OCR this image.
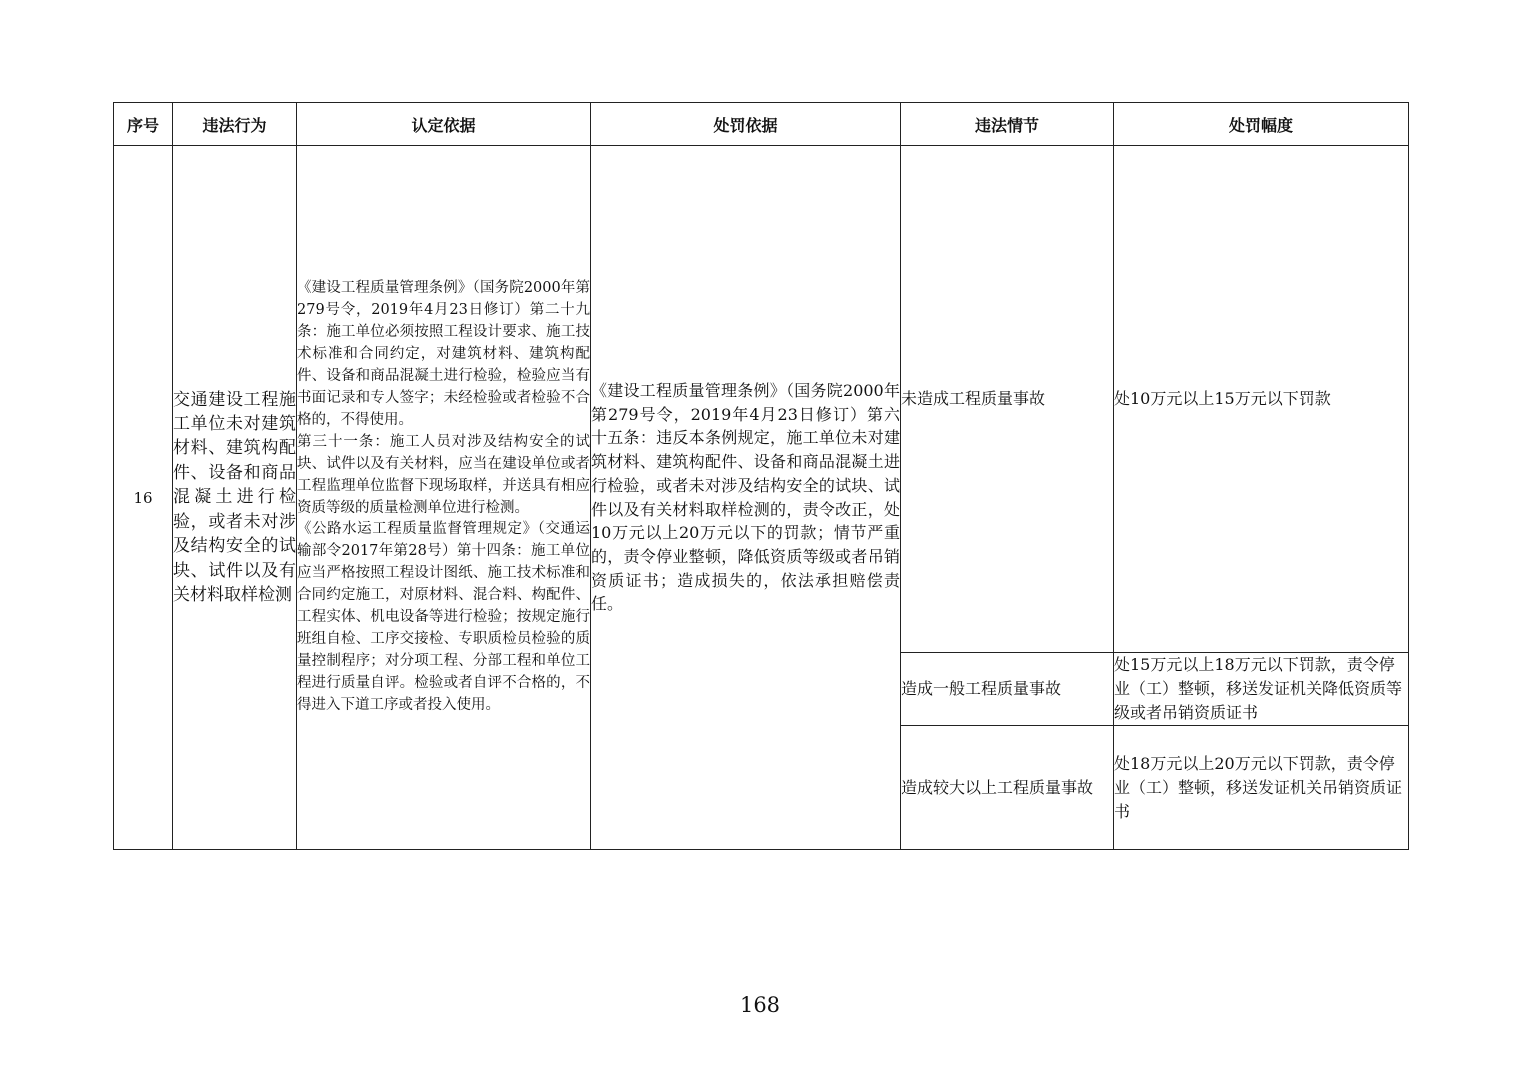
序号	违法行为	认定依据	处罚依据	违法情节	处罚幅度
16	交通建设工程施工单位未对建筑材料、建筑构配件、设备和商品混凝土进行检验，或者未对涉及结构安全的试块、试件以及有关材料取样检测	《建设工程质量管理条例》（国务院2000年第279号令，2019年4月23日修订）第二十九条：施工单位必须按照工程设计要求、施工技术标准和合同约定，对建筑材料、建筑构配件、设备和商品混凝土进行检验，检验应当有书面记录和专人签字；未经检验或者检验不合格的，不得使用。

第三十一条：施工人员对涉及结构安全的试块、试件以及有关材料，应当在建设单位或者工程监理单位监督下现场取样，并送具有相应资质等级的质量检测单位进行检测。

《公路水运工程质量监督管理规定》（交通运输部令2017年第28号）第十四条：施工单位应当严格按照工程设计图纸、施工技术标准和合同约定施工，对原材料、混合料、构配件、工程实体、机电设备等进行检验；按规定施行班组自检、工序交接检、专职质检员检验的质量控制程序；对分项工程、分部工程和单位工程进行质量自评。检验或者自评不合格的，不得进入下道工序或者投入使用。	《建设工程质量管理条例》（国务院2000年第279号令，2019年4月23日修订）第六十五条：违反本条例规定，施工单位未对建筑材料、建筑构配件、设备和商品混凝土进行检验，或者未对涉及结构安全的试块、试件以及有关材料取样检测的，责令改正，处10万元以上20万元以下的罚款；情节严重的，责令停业整顿，降低资质等级或者吊销资质证书；造成损失的，依法承担赔偿责任。	未造成工程质量事故	处10万元以上15万元以下罚款
				造成一般工程质量事故	处15万元以上18万元以下罚款，责令停业（工）整顿，移送发证机关降低资质等级或者吊销资质证书
				造成较大以上工程质量事故	处18万元以上20万元以下罚款，责令停业（工）整顿，移送发证机关吊销资质证书
168
